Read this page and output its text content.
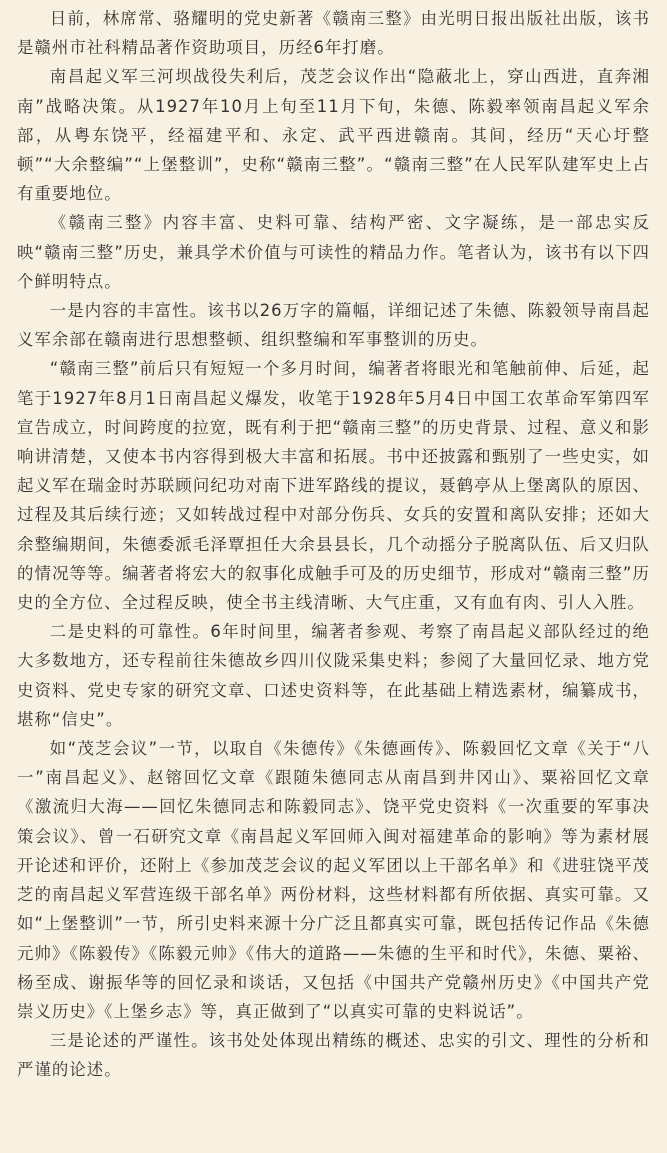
日前，林席常、骆耀明的党史新著《赣南三整》由光明日报出版社出版，该书是赣州市社科精品著作资助项目，历经6年打磨。

南昌起义军三河坝战役失利后，茂芝会议作出“隐蔽北上，穿山西进，直奔湘南”战略决策。从1927年10月上旬至11月下旬，朱德、陈毅率领南昌起义军余部，从粤东饶平，经福建平和、永定、武平西进赣南。其间，经历“天心圩整顿”“大余整编”“上堡整训”，史称“赣南三整”。“赣南三整”在人民军队建军史上占有重要地位。

《赣南三整》内容丰富、史料可靠、结构严密、文字凝练，是一部忠实反映“赣南三整”历史，兼具学术价值与可读性的精品力作。笔者认为，该书有以下四个鲜明特点。

一是内容的丰富性。该书以26万字的篇幅，详细记述了朱德、陈毅领导南昌起义军余部在赣南进行思想整顿、组织整编和军事整训的历史。

“赣南三整”前后只有短短一个多月时间，编著者将眼光和笔触前伸、后延，起笔于1927年8月1日南昌起义爆发，收笔于1928年5月4日中国工农革命军第四军宣告成立，时间跨度的拉宽，既有利于把“赣南三整”的历史背景、过程、意义和影响讲清楚，又使本书内容得到极大丰富和拓展。书中还披露和甄别了一些史实，如起义军在瑞金时苏联顾问纪功对南下进军路线的提议，聂鹤亭从上堡离队的原因、过程及其后续行迹；又如转战过程中对部分伤兵、女兵的安置和离队安排；还如大余整编期间，朱德委派毛泽覃担任大余县县长，几个动摇分子脱离队伍、后又归队的情况等等。编著者将宏大的叙事化成触手可及的历史细节，形成对“赣南三整”历史的全方位、全过程反映，使全书主线清晰、大气庄重，又有血有肉、引人入胜。

二是史料的可靠性。6年时间里，编著者参观、考察了南昌起义部队经过的绝大多数地方，还专程前往朱德故乡四川仪陇采集史料；参阅了大量回忆录、地方党史资料、党史专家的研究文章、口述史资料等，在此基础上精选素材，编纂成书，堪称“信史”。

如“茂芝会议”一节，以取自《朱德传》《朱德画传》、陈毅回忆文章《关于“八一”南昌起义》、赵镕回忆文章《跟随朱德同志从南昌到井冈山》、粟裕回忆文章《激流归大海——回忆朱德同志和陈毅同志》、饶平党史资料《一次重要的军事决策会议》、曾一石研究文章《南昌起义军回师入闽对福建革命的影响》等为素材展开论述和评价，还附上《参加茂芝会议的起义军团以上干部名单》和《进驻饶平茂芝的南昌起义军营连级干部名单》两份材料，这些材料都有所依据、真实可靠。又如“上堡整训”一节，所引史料来源十分广泛且都真实可靠，既包括传记作品《朱德元帅》《陈毅传》《陈毅元帅》《伟大的道路——朱德的生平和时代》，朱德、粟裕、杨至成、谢振华等的回忆录和谈话，又包括《中国共产党赣州历史》《中国共产党崇义历史》《上堡乡志》等，真正做到了“以真实可靠的史料说话”。

三是论述的严谨性。该书处处体现出精练的概述、忠实的引文、理性的分析和严谨的论述。
